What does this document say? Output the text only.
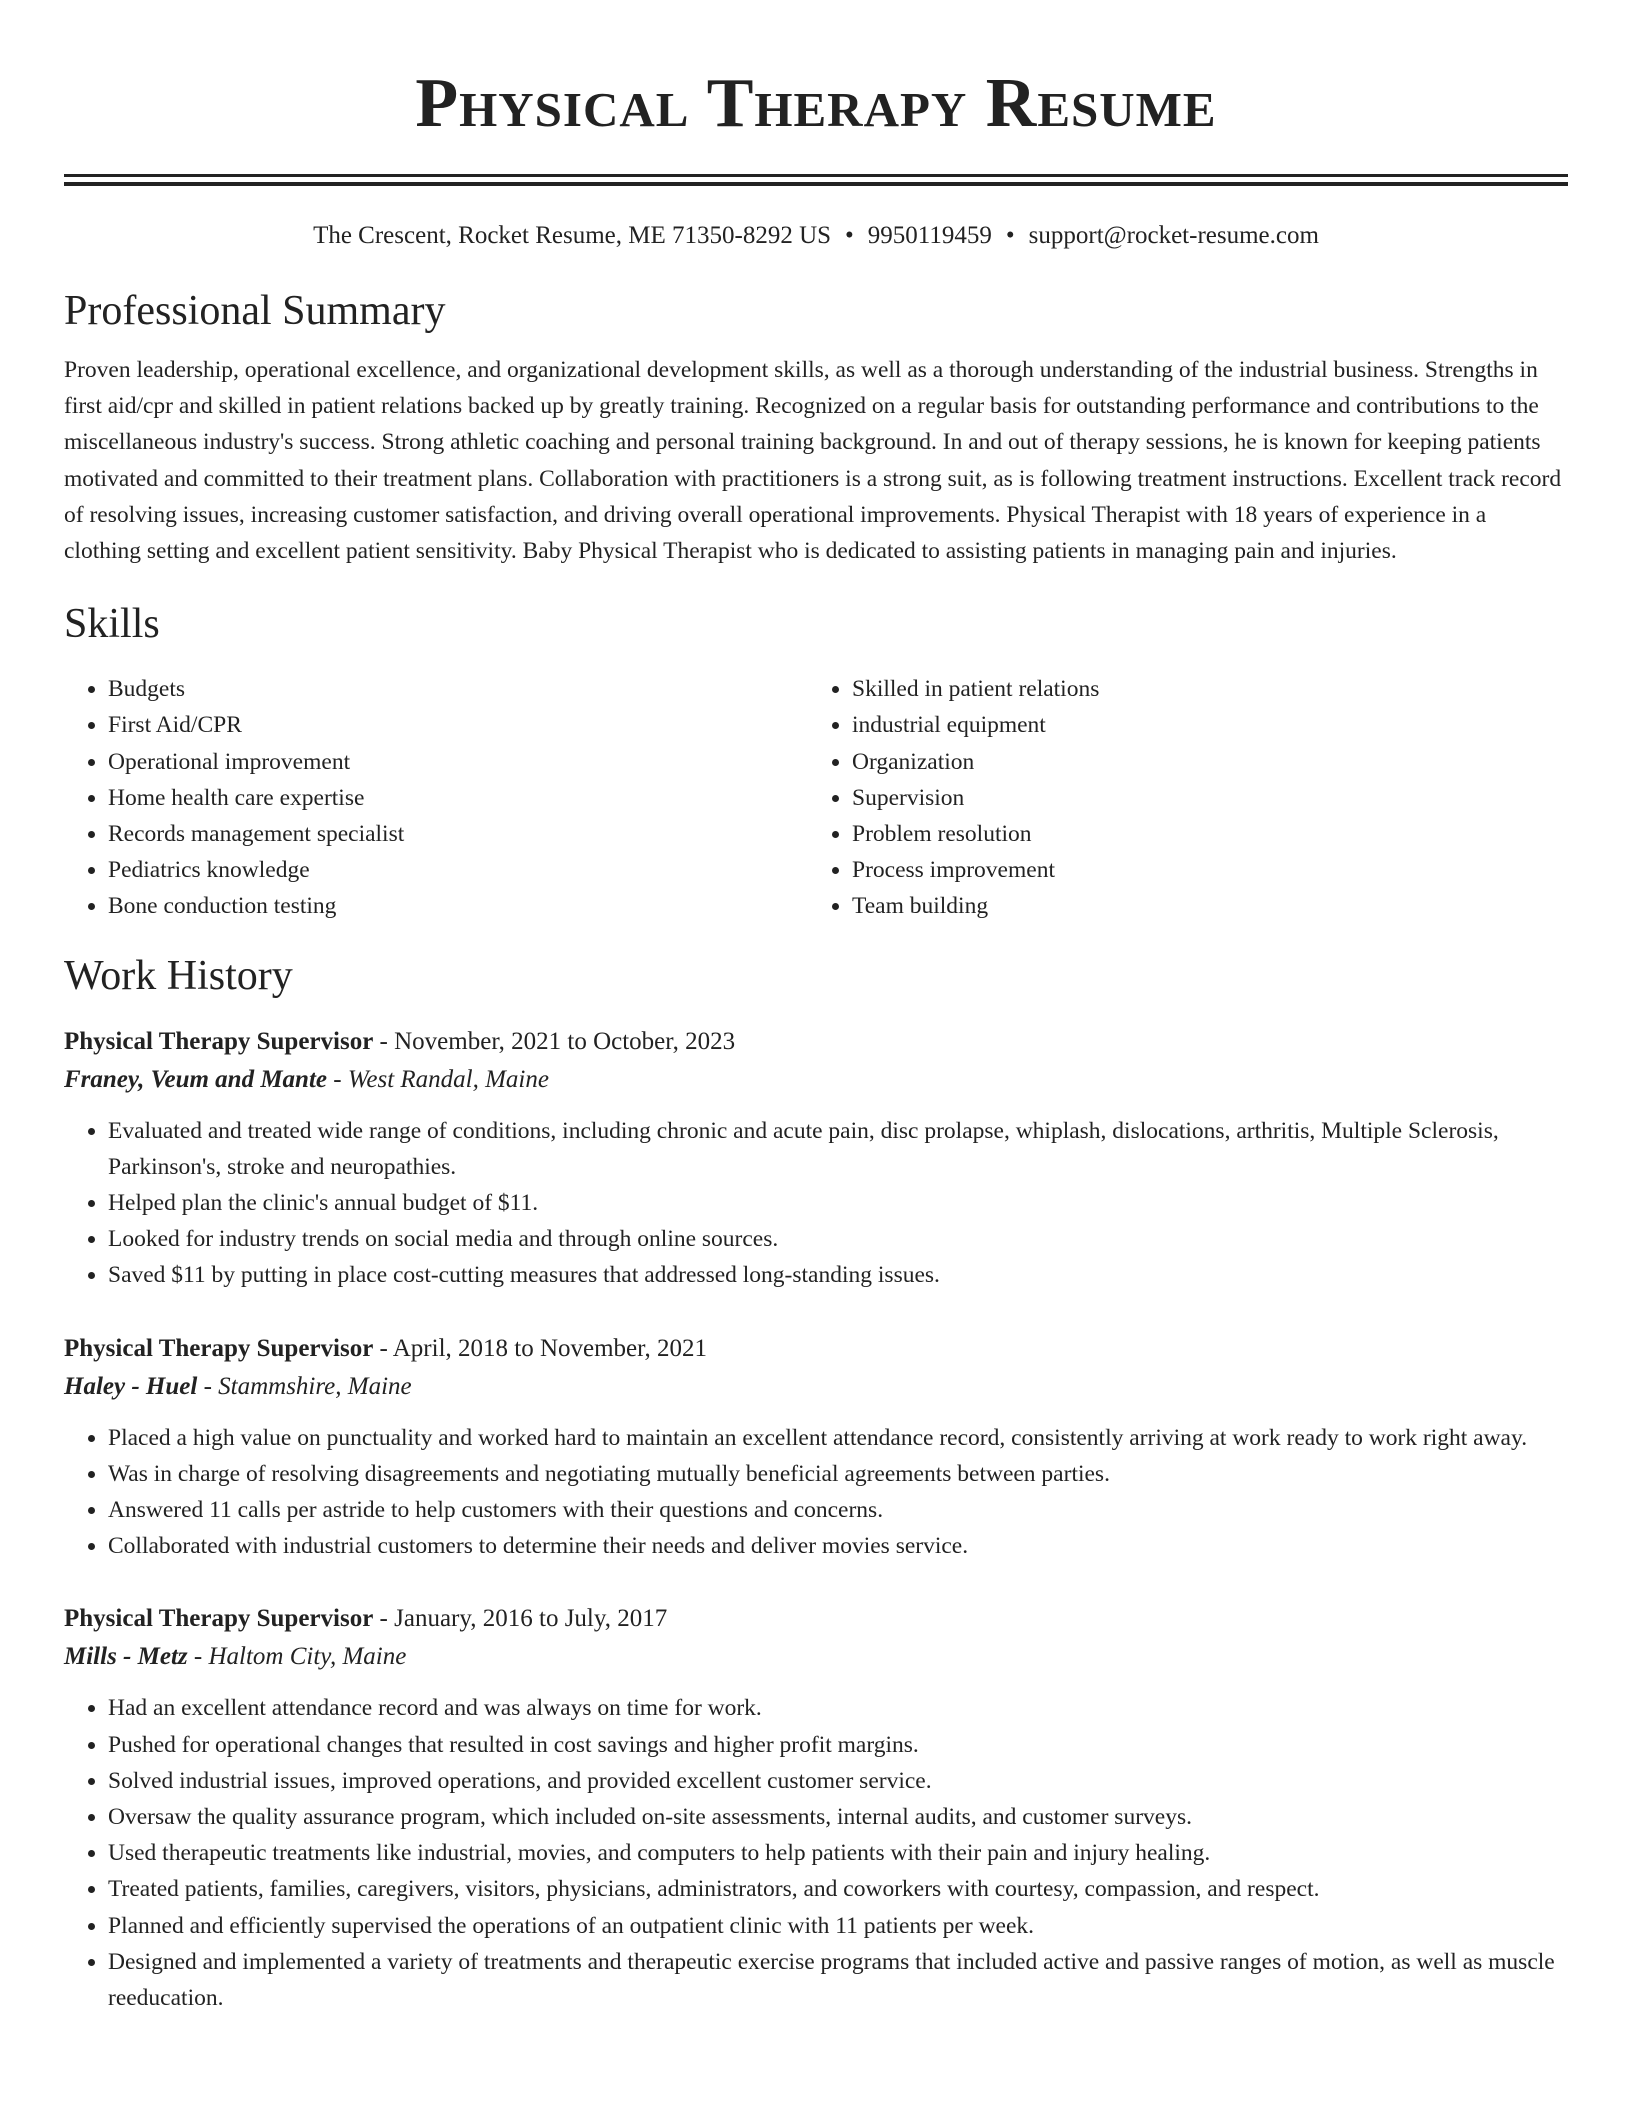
Physical Therapy Resume
The Crescent, Rocket Resume, ME 71350-8292 US • 9950119459 • support@rocket-resume.com
Professional Summary

Proven leadership, operational excellence, and organizational development skills, as well as a thorough understanding of the industrial business. Strengths in first aid/cpr and skilled in patient relations backed up by greatly training. Recognized on a regular basis for outstanding performance and contributions to the miscellaneous industry's success. Strong athletic coaching and personal training background. In and out of therapy sessions, he is known for keeping patients motivated and committed to their treatment plans. Collaboration with practitioners is a strong suit, as is following treatment instructions. Excellent track record of resolving issues, increasing customer satisfaction, and driving overall operational improvements. Physical Therapist with 18 years of experience in a clothing setting and excellent patient sensitivity. Baby Physical Therapist who is dedicated to assisting patients in managing pain and injuries.

Skills
• Budgets
• First Aid/CPR
• Operational improvement
• Home health care expertise
• Records management specialist
• Pediatrics knowledge
• Bone conduction testing
• Skilled in patient relations
• industrial equipment
• Organization
• Supervision
• Problem resolution
• Process improvement
• Team building
Work History
Physical Therapy Supervisor - November, 2021 to October, 2023
Franey, Veum and Mante - West Randal, Maine
• Evaluated and treated wide range of conditions, including chronic and acute pain, disc prolapse, whiplash, dislocations, arthritis, Multiple Sclerosis, Parkinson's, stroke and neuropathies.
• Helped plan the clinic's annual budget of $11.
• Looked for industry trends on social media and through online sources.
• Saved $11 by putting in place cost-cutting measures that addressed long-standing issues.
Physical Therapy Supervisor - April, 2018 to November, 2021
Haley - Huel - Stammshire, Maine
• Placed a high value on punctuality and worked hard to maintain an excellent attendance record, consistently arriving at work ready to work right away.
• Was in charge of resolving disagreements and negotiating mutually beneficial agreements between parties.
• Answered 11 calls per astride to help customers with their questions and concerns.
• Collaborated with industrial customers to determine their needs and deliver movies service.
Physical Therapy Supervisor - January, 2016 to July, 2017
Mills - Metz - Haltom City, Maine
• Had an excellent attendance record and was always on time for work.
• Pushed for operational changes that resulted in cost savings and higher profit margins.
• Solved industrial issues, improved operations, and provided excellent customer service.
• Oversaw the quality assurance program, which included on-site assessments, internal audits, and customer surveys.
• Used therapeutic treatments like industrial, movies, and computers to help patients with their pain and injury healing.
• Treated patients, families, caregivers, visitors, physicians, administrators, and coworkers with courtesy, compassion, and respect.
• Planned and efficiently supervised the operations of an outpatient clinic with 11 patients per week.
• Designed and implemented a variety of treatments and therapeutic exercise programs that included active and passive ranges of motion, as well as muscle reeducation.
